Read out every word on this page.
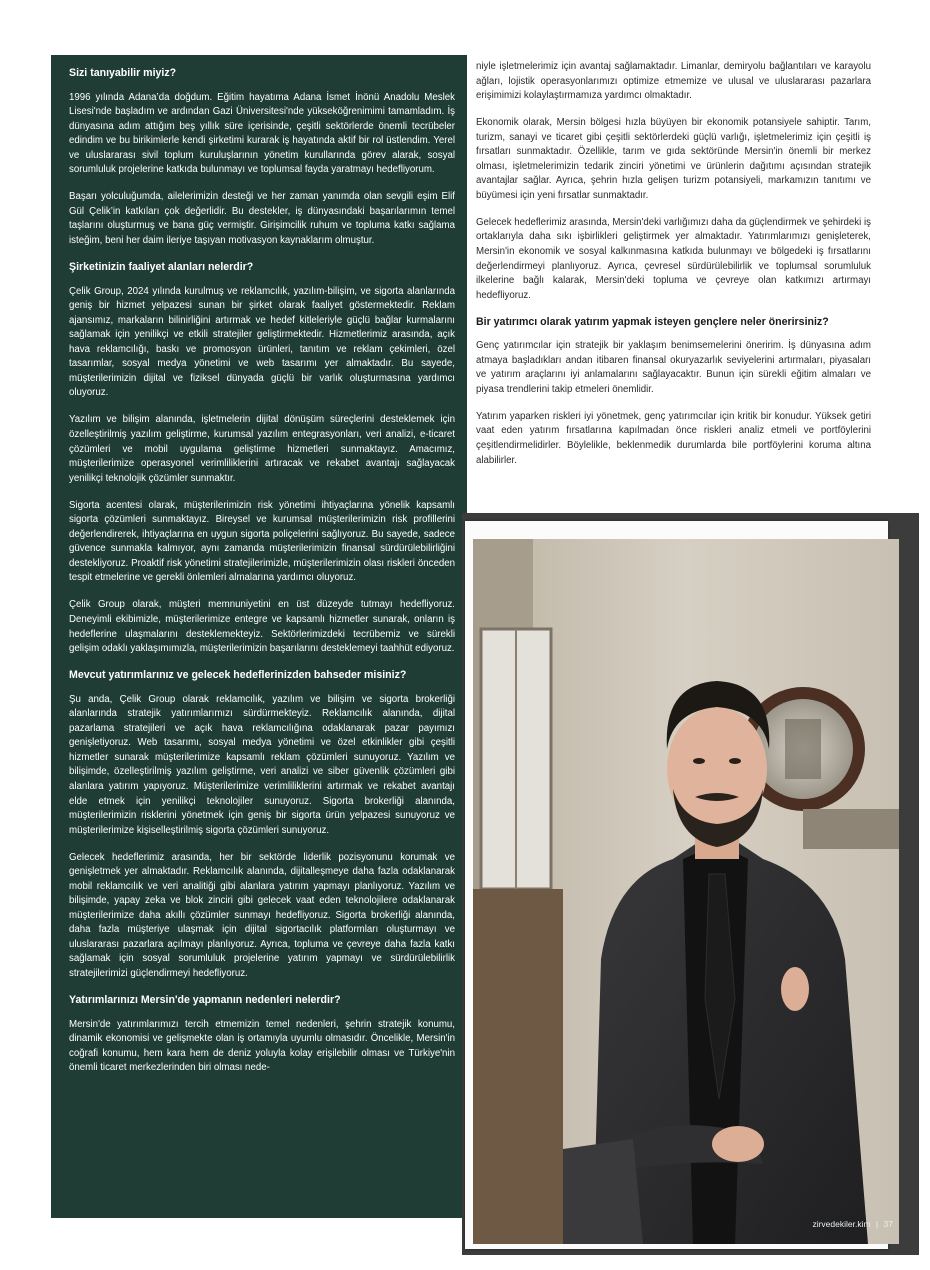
Sizi tanıyabilir miyiz?

1996 yılında Adana’da doğdum. Eğitim hayatıma Adana İsmet İnönü Anadolu Meslek Lisesi'nde başladım ve ardından Gazi Üniversitesi'nde yükseköğrenimimi tamamladım. İş dünyasına adım attığım beş yıllık süre içerisinde, çeşitli sektörlerde önemli tecrübeler edindim ve bu birikimlerle kendi şirketimi kurarak iş hayatında aktif bir rol üstlendim. Yerel ve uluslararası sivil toplum kuruluşlarının yönetim kurullarında görev alarak, sosyal sorumluluk projelerine katkıda bulunmayı ve toplumsal fayda yaratmayı hedefliyorum.

Başarı yolculuğumda, ailelerimizin desteği ve her zaman yanımda olan sevgili eşim Elif Gül Çelik’in katkıları çok değerlidir. Bu destekler, iş dünyasındaki başarılarımın temel taşlarını oluşturmuş ve bana güç vermiştir. Girişimcilik ruhum ve topluma katkı sağlama isteğim, beni her daim ileriye taşıyan motivasyon kaynaklarım olmuştur.

Şirketinizin faaliyet alanları nelerdir?

Çelik Group, 2024 yılında kurulmuş ve reklamcılık, yazılım-bilişim, ve sigorta alanlarında geniş bir hizmet yelpazesi sunan bir şirket olarak faaliyet göstermektedir. Reklam ajansımız, markaların bilinirliğini artırmak ve hedef kitleleriyle güçlü bağlar kurmalarını sağlamak için yenilikçi ve etkili stratejiler geliştirmektedir. Hizmetlerimiz arasında, açık hava reklamcılığı, baskı ve promosyon ürünleri, tanıtım ve reklam çekimleri, özel tasarımlar, sosyal medya yönetimi ve web tasarımı yer almaktadır. Bu sayede, müşterilerimizin dijital ve fiziksel dünyada güçlü bir varlık oluşturmasına yardımcı oluyoruz.

Yazılım ve bilişim alanında, işletmelerin dijital dönüşüm süreçlerini desteklemek için özelleştirilmiş yazılım geliştirme, kurumsal yazılım entegrasyonları, veri analizi, e-ticaret çözümleri ve mobil uygulama geliştirme hizmetleri sunmaktayız. Amacımız, müşterilerimize operasyonel verimliliklerini artıracak ve rekabet avantajı sağlayacak yenilikçi teknolojik çözümler sunmaktır.

Sigorta acentesi olarak, müşterilerimizin risk yönetimi ihtiyaçlarına yönelik kapsamlı sigorta çözümleri sunmaktayız. Bireysel ve kurumsal müşterilerimizin risk profillerini değerlendirerek, ihtiyaçlarına en uygun sigorta poliçelerini sağlıyoruz. Bu sayede, sadece güvence sunmakla kalmıyor, aynı zamanda müşterilerimizin finansal sürdürülebilirliğini destekliyoruz. Proaktif risk yönetimi stratejilerimizle, müşterilerimizin olası riskleri önceden tespit etmelerine ve gerekli önlemleri almalarına yardımcı oluyoruz.

Çelik Group olarak, müşteri memnuniyetini en üst düzeyde tutmayı hedefliyoruz. Deneyimli ekibimizle, müşterilerimize entegre ve kapsamlı hizmetler sunarak, onların iş hedeflerine ulaşmalarını desteklemekteyiz. Sektörlerimizdeki tecrübemiz ve sürekli gelişim odaklı yaklaşımımızla, müşterilerimizin başarılarını desteklemeyi taahhüt ediyoruz.

Mevcut yatırımlarınız ve gelecek hedeflerinizden bahseder misiniz?

Şu anda, Çelik Group olarak reklamcılık, yazılım ve bilişim ve sigorta brokerliği alanlarında stratejik yatırımlarımızı sürdürmekteyiz. Reklamcılık alanında, dijital pazarlama stratejileri ve açık hava reklamcılığına odaklanarak pazar payımızı genişletiyoruz. Web tasarımı, sosyal medya yönetimi ve özel etkinlikler gibi çeşitli hizmetler sunarak müşterilerimize kapsamlı reklam çözümleri sunuyoruz. Yazılım ve bilişimde, özelleştirilmiş yazılım geliştirme, veri analizi ve siber güvenlik çözümleri gibi alanlara yatırım yapıyoruz. Müşterilerimize verimliliklerini artırmak ve rekabet avantajı elde etmek için yenilikçi teknolojiler sunuyoruz. Sigorta brokerliği alanında, müşterilerimizin risklerini yönetmek için geniş bir sigorta ürün yelpazesi sunuyoruz ve müşterilerimize kişiselleştirilmiş sigorta çözümleri sunuyoruz.

Gelecek hedeflerimiz arasında, her bir sektörde liderlik pozisyonunu korumak ve genişletmek yer almaktadır. Reklamcılık alanında, dijitalleşmeye daha fazla odaklanarak mobil reklamcılık ve veri analitiği gibi alanlara yatırım yapmayı planlıyoruz. Yazılım ve bilişimde, yapay zeka ve blok zinciri gibi gelecek vaat eden teknolojilere odaklanarak müşterilerimize daha akıllı çözümler sunmayı hedefliyoruz. Sigorta brokerliği alanında, daha fazla müşteriye ulaşmak için dijital sigortacılık platformları oluşturmayı ve uluslararası pazarlara açılmayı planlıyoruz. Ayrıca, topluma ve çevreye daha fazla katkı sağlamak için sosyal sorumluluk projelerine yatırım yapmayı ve sürdürülebilirlik stratejilerimizi güçlendirmeyi hedefliyoruz.

Yatırımlarınızı Mersin'de yapmanın nedenleri nelerdir?

Mersin'de yatırımlarımızı tercih etmemizin temel nedenleri, şehrin stratejik konumu, dinamik ekonomisi ve gelişmekte olan iş ortamıyla uyumlu olmasıdır. Öncelikle, Mersin'in coğrafi konumu, hem kara hem de deniz yoluyla kolay erişilebilir olması ve Türkiye'nin önemli ticaret merkezlerinden biri olması nede-

niyle işletmelerimiz için avantaj sağlamaktadır. Limanlar, demiryolu bağlantıları ve karayolu ağları, lojistik operasyonlarımızı optimize etmemize ve ulusal ve uluslararası pazarlara erişimimizi kolaylaştırmamıza yardımcı olmaktadır.

Ekonomik olarak, Mersin bölgesi hızla büyüyen bir ekonomik potansiyele sahiptir. Tarım, turizm, sanayi ve ticaret gibi çeşitli sektörlerdeki güçlü varlığı, işletmelerimiz için çeşitli iş fırsatları sunmaktadır. Özellikle, tarım ve gıda sektöründe Mersin'in önemli bir merkez olması, işletmelerimizin tedarik zinciri yönetimi ve ürünlerin dağıtımı açısından stratejik avantajlar sağlar. Ayrıca, şehrin hızla gelişen turizm potansiyeli, markamızın tanıtımı ve büyümesi için yeni fırsatlar sunmaktadır.

Gelecek hedeflerimiz arasında, Mersin'deki varlığımızı daha da güçlendirmek ve şehirdeki iş ortaklarıyla daha sıkı işbirlikleri geliştirmek yer almaktadır. Yatırımlarımızı genişleterek, Mersin'in ekonomik ve sosyal kalkınmasına katkıda bulunmayı ve bölgedeki iş fırsatlarını değerlendirmeyi planlıyoruz. Ayrıca, çevresel sürdürülebilirlik ve toplumsal sorumluluk ilkelerine bağlı kalarak, Mersin'deki topluma ve çevreye olan katkımızı artırmayı hedefliyoruz.

Bir yatırımcı olarak yatırım yapmak isteyen gençlere neler önerirsiniz?

Genç yatırımcılar için stratejik bir yaklaşım benimsemelerini öneririm. İş dünyasına adım atmaya başladıkları andan itibaren finansal okuryazarlık seviyelerini artırmaları, piyasaları ve yatırım araçlarını iyi anlamalarını sağlayacaktır. Bunun için sürekli eğitim almaları ve piyasa trendlerini takip etmeleri önemlidir.

Yatırım yaparken riskleri iyi yönetmek, genç yatırımcılar için kritik bir konudur. Yüksek getiri vaat eden yatırım fırsatlarına kapılmadan önce riskleri analiz etmeli ve portföylerini çeşitlendirmelidirler. Böylelikle, beklenmedik durumlarda bile portföylerini koruma altına alabilirler.

zirvedekiler.kim | 37
